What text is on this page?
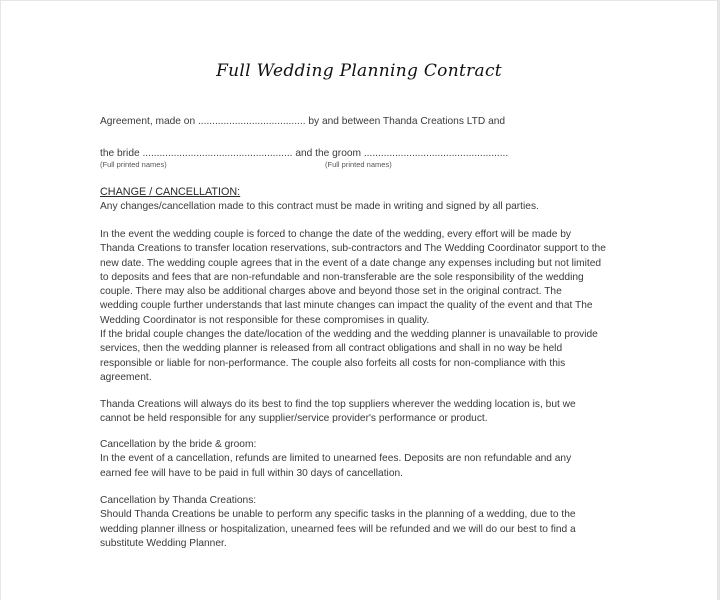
Full Wedding Planning Contract
Agreement, made on ...................................... by and between Thanda Creations LTD and
the bride ..................................................... and the groom ...................................................
(Full printed names)	(Full printed names)
CHANGE / CANCELLATION:
Any changes/cancellation made to this contract must be made in writing and signed by all parties.
In the event the wedding couple is forced to change the date of the wedding, every effort will be made by
Thanda Creations to transfer location reservations, sub-contractors and The Wedding Coordinator support to the
new date. The wedding couple agrees that in the event of a date change any expenses including but not limited
to deposits and fees that are non-refundable and non-transferable are the sole responsibility of the wedding
couple. There may also be additional charges above and beyond those set in the original contract. The
wedding couple further understands that last minute changes can impact the quality of the event and that The
Wedding Coordinator is not responsible for these compromises in quality.
If the bridal couple changes the date/location of the wedding and the wedding planner is unavailable to provide
services, then the wedding planner is released from all contract obligations and shall in no way be held
responsible or liable for non-performance. The couple also forfeits all costs for non-compliance with this
agreement.
Thanda Creations will always do its best to find the top suppliers wherever the wedding location is, but we
cannot be held responsible for any supplier/service provider's performance or product.
Cancellation by the bride & groom:
In the event of a cancellation, refunds are limited to unearned fees. Deposits are non refundable and any
earned fee will have to be paid in full within 30 days of cancellation.
Cancellation by Thanda Creations:
Should Thanda Creations be unable to perform any specific tasks in the planning of a wedding, due to the
wedding planner illness or hospitalization, unearned fees will be refunded and we will do our best to find a
substitute Wedding Planner.
